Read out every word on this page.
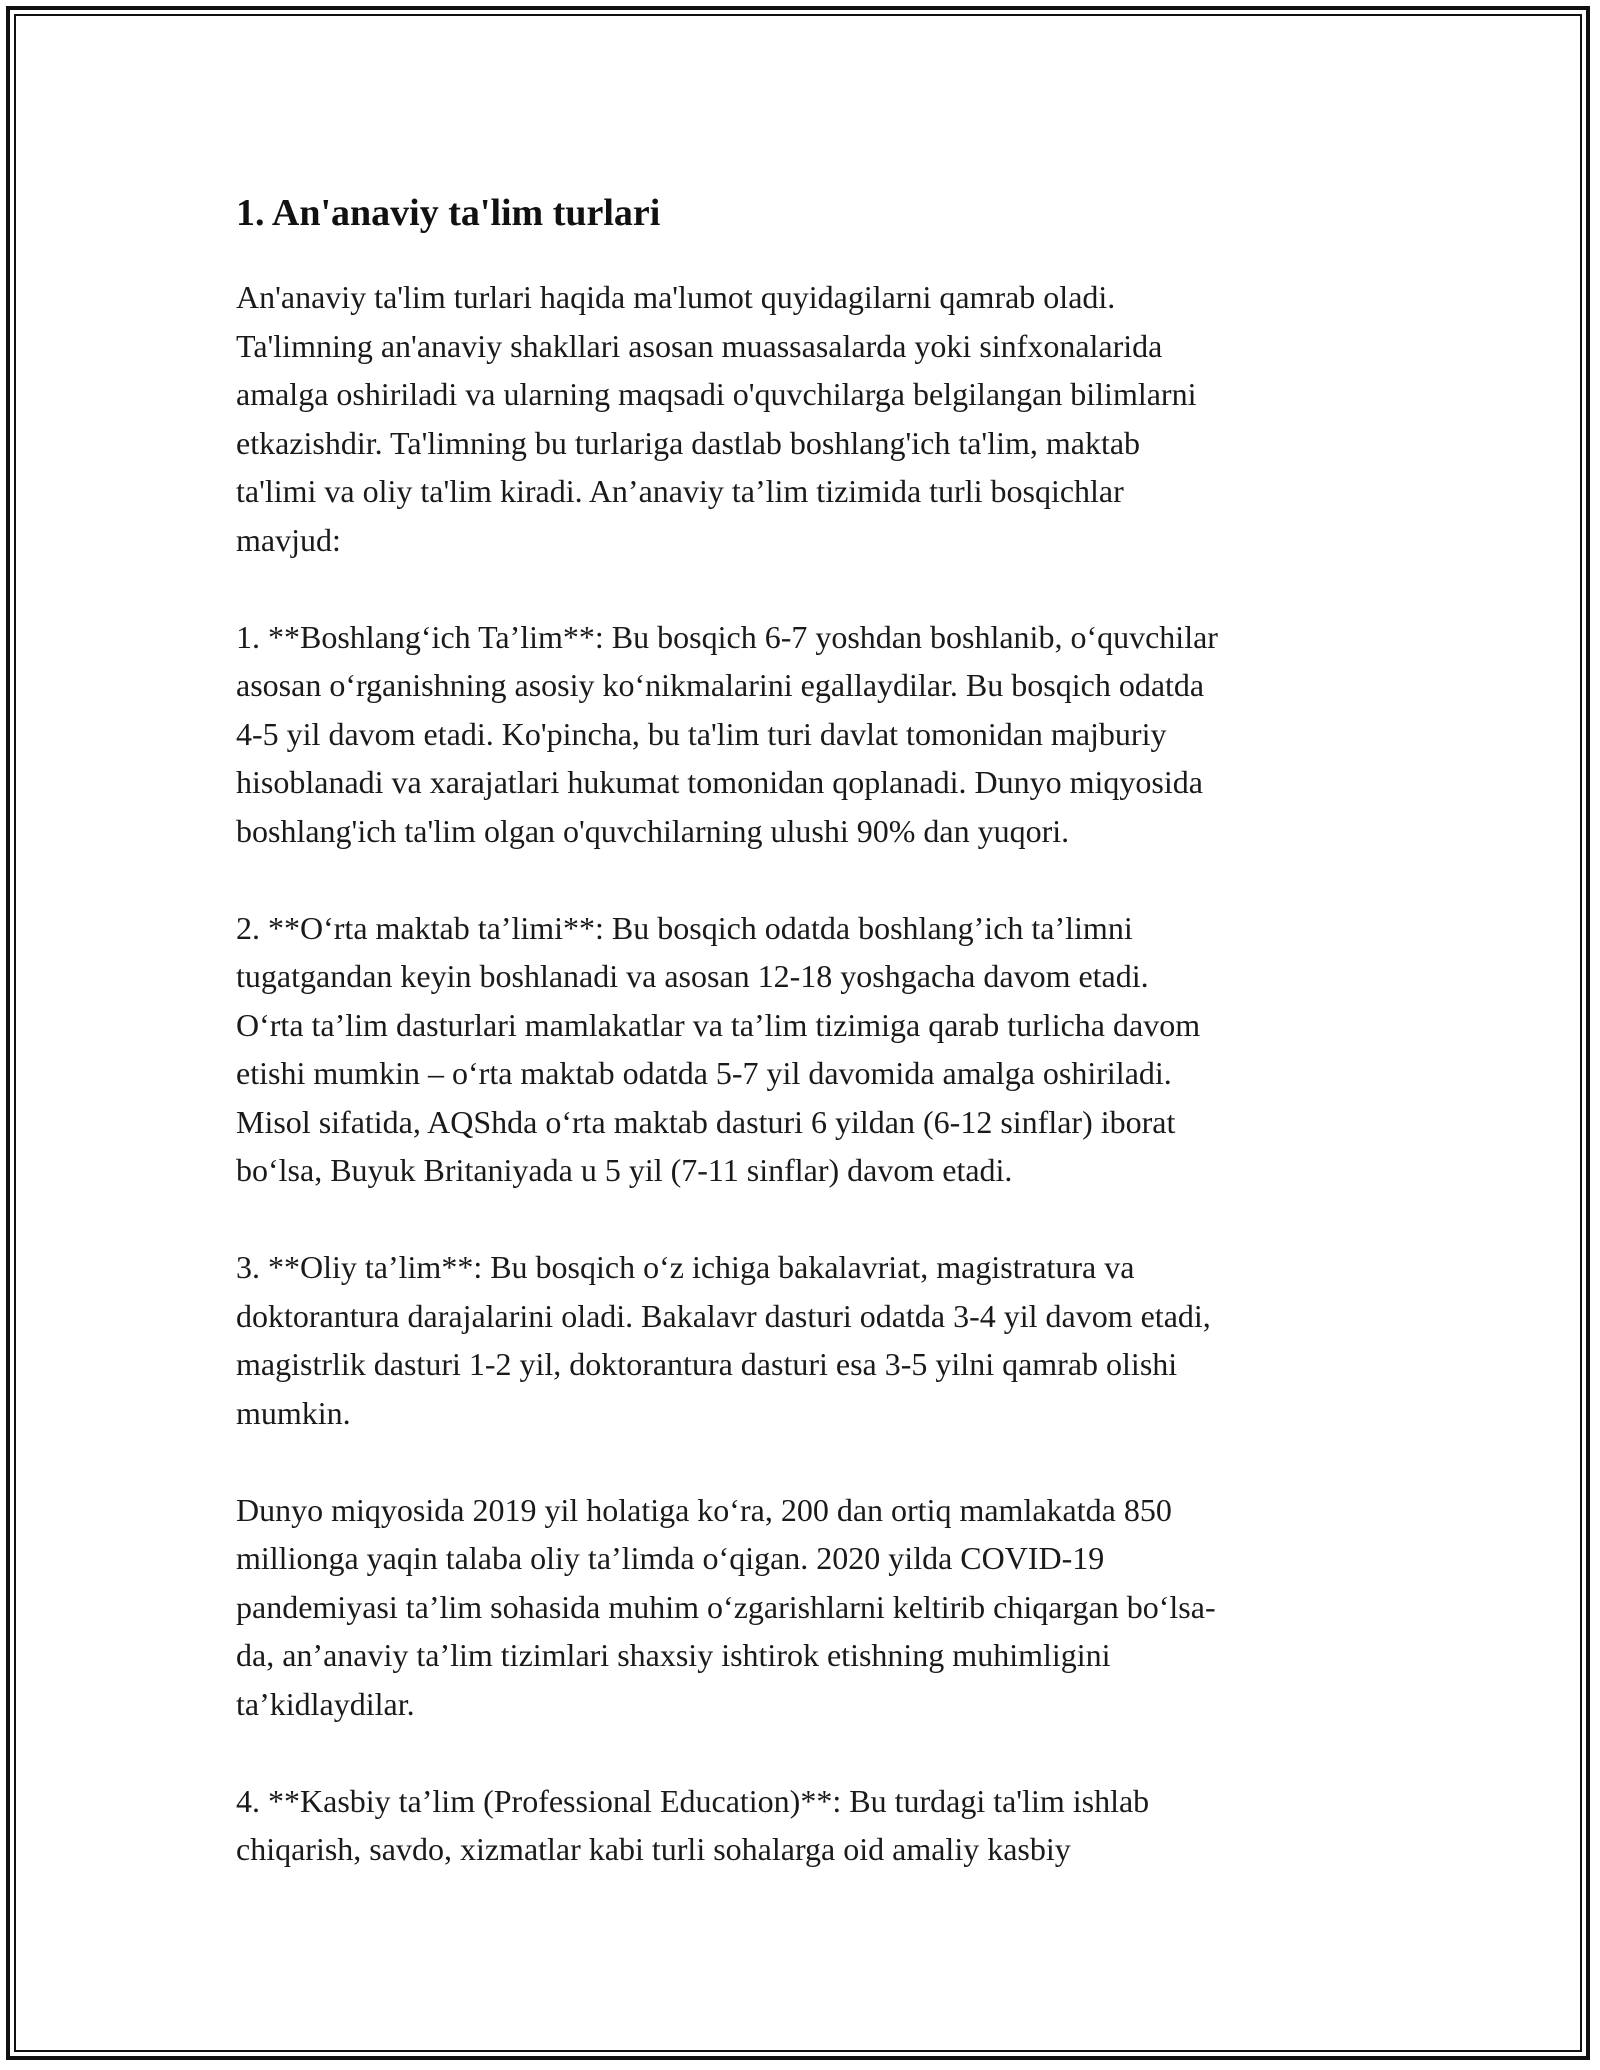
1. An'anaviy ta'lim turlari

An'anaviy ta'lim turlari haqida ma'lumot quyidagilarni qamrab oladi.
Ta'limning an'anaviy shakllari asosan muassasalarda yoki sinfxonalarida
amalga oshiriladi va ularning maqsadi o'quvchilarga belgilangan bilimlarni
etkazishdir. Ta'limning bu turlariga dastlab boshlang'ich ta'lim, maktab
ta'limi va oliy ta'lim kiradi. An’anaviy ta’lim tizimida turli bosqichlar
mavjud:

1. **Boshlang‘ich Ta’lim**: Bu bosqich 6-7 yoshdan boshlanib, o‘quvchilar
asosan o‘rganishning asosiy ko‘nikmalarini egallaydilar. Bu bosqich odatda
4-5 yil davom etadi. Ko'pincha, bu ta'lim turi davlat tomonidan majburiy
hisoblanadi va xarajatlari hukumat tomonidan qoplanadi. Dunyo miqyosida
boshlang'ich ta'lim olgan o'quvchilarning ulushi 90% dan yuqori.

2. **O‘rta maktab ta’limi**: Bu bosqich odatda boshlang’ich ta’limni
tugatgandan keyin boshlanadi va asosan 12-18 yoshgacha davom etadi.
O‘rta ta’lim dasturlari mamlakatlar va ta’lim tizimiga qarab turlicha davom
etishi mumkin – o‘rta maktab odatda 5-7 yil davomida amalga oshiriladi.
Misol sifatida, AQShda o‘rta maktab dasturi 6 yildan (6-12 sinflar) iborat
bo‘lsa, Buyuk Britaniyada u 5 yil (7-11 sinflar) davom etadi.

3. **Oliy ta’lim**: Bu bosqich o‘z ichiga bakalavriat, magistratura va
doktorantura darajalarini oladi. Bakalavr dasturi odatda 3-4 yil davom etadi,
magistrlik dasturi 1-2 yil, doktorantura dasturi esa 3-5 yilni qamrab olishi
mumkin.

Dunyo miqyosida 2019 yil holatiga ko‘ra, 200 dan ortiq mamlakatda 850
millionga yaqin talaba oliy ta’limda o‘qigan. 2020 yilda COVID-19
pandemiyasi ta’lim sohasida muhim o‘zgarishlarni keltirib chiqargan bo‘lsa-
da, an’anaviy ta’lim tizimlari shaxsiy ishtirok etishning muhimligini
ta’kidlaydilar.

4. **Kasbiy ta’lim (Professional Education)**: Bu turdagi ta'lim ishlab
chiqarish, savdo, xizmatlar kabi turli sohalarga oid amaliy kasbiy
